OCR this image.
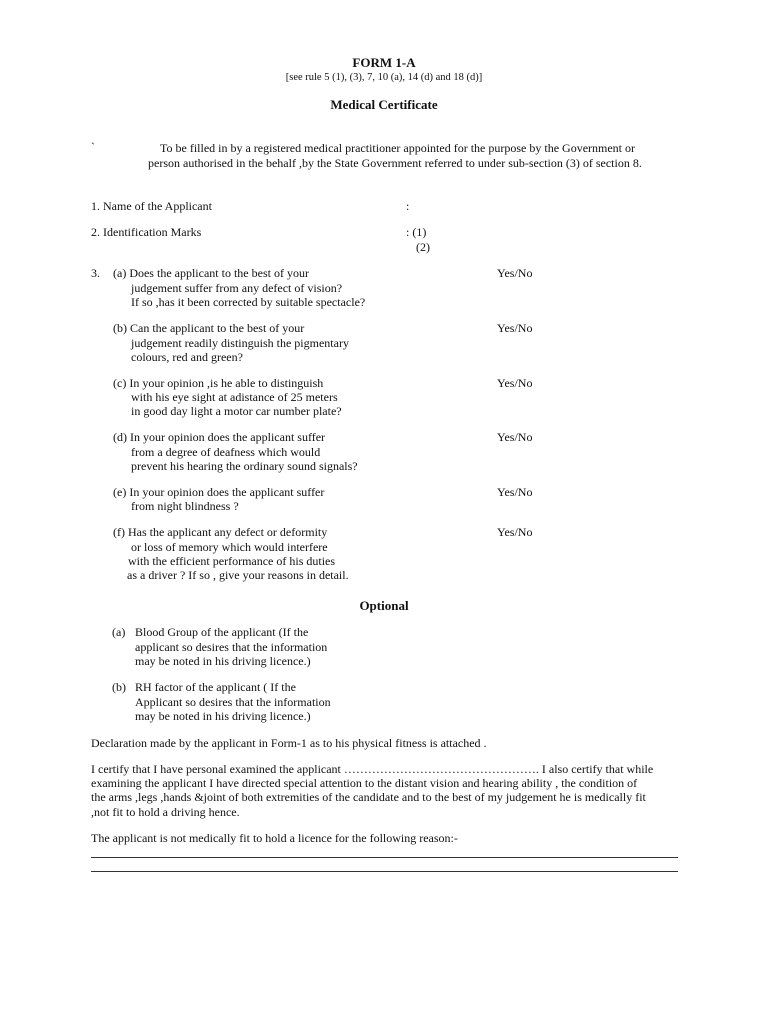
FORM 1-A
[see rule 5 (1), (3), 7, 10 (a), 14 (d) and 18 (d)]
Medical Certificate
`	To be filled in by a registered medical practitioner appointed for the purpose by the Government or
person authorised in the behalf ,by the State Government referred to under sub-section (3) of section 8.
1. Name of the Applicant	:
2. Identification Marks	: (1)
(2)
3. (a) Does the applicant to the best of your
judgement suffer from any defect of vision?
If so ,has it been corrected by suitable spectacle?
Yes/No
(b) Can the applicant to the best of your
judgement readily distinguish the pigmentary
colours, red and green?
Yes/No
(c) In your opinion ,is he able to distinguish
with his eye sight at adistance of 25 meters
in good day light a motor car number plate?
Yes/No
(d) In your opinion does the applicant suffer
from a degree of deafness which would
prevent his hearing the ordinary sound signals?
Yes/No
(e) In your opinion does the applicant suffer
from night blindness ?
Yes/No
(f) Has the applicant any defect or deformity
or loss of memory which would interfere
with the efficient performance of his duties
as a driver ? If so , give your reasons in detail.
Yes/No
Optional
(a) Blood Group of the applicant (If the
applicant so desires that the information
may be noted in his driving licence.)
(b) RH factor of the applicant ( If the
Applicant so desires that the information
may be noted in his driving licence.)
Declaration made by the applicant in Form-1 as to his physical fitness is attached .
I certify that I have personal examined the applicant …………………………………………. I also certify that while
examining the applicant I have directed special attention to the distant vision and hearing ability , the condition of
the arms ,legs ,hands &joint of both extremities of the candidate and to the best of my judgement he is medically fit
,not fit to hold a driving hence.
The applicant is not medically fit to hold a licence for the following reason:-
